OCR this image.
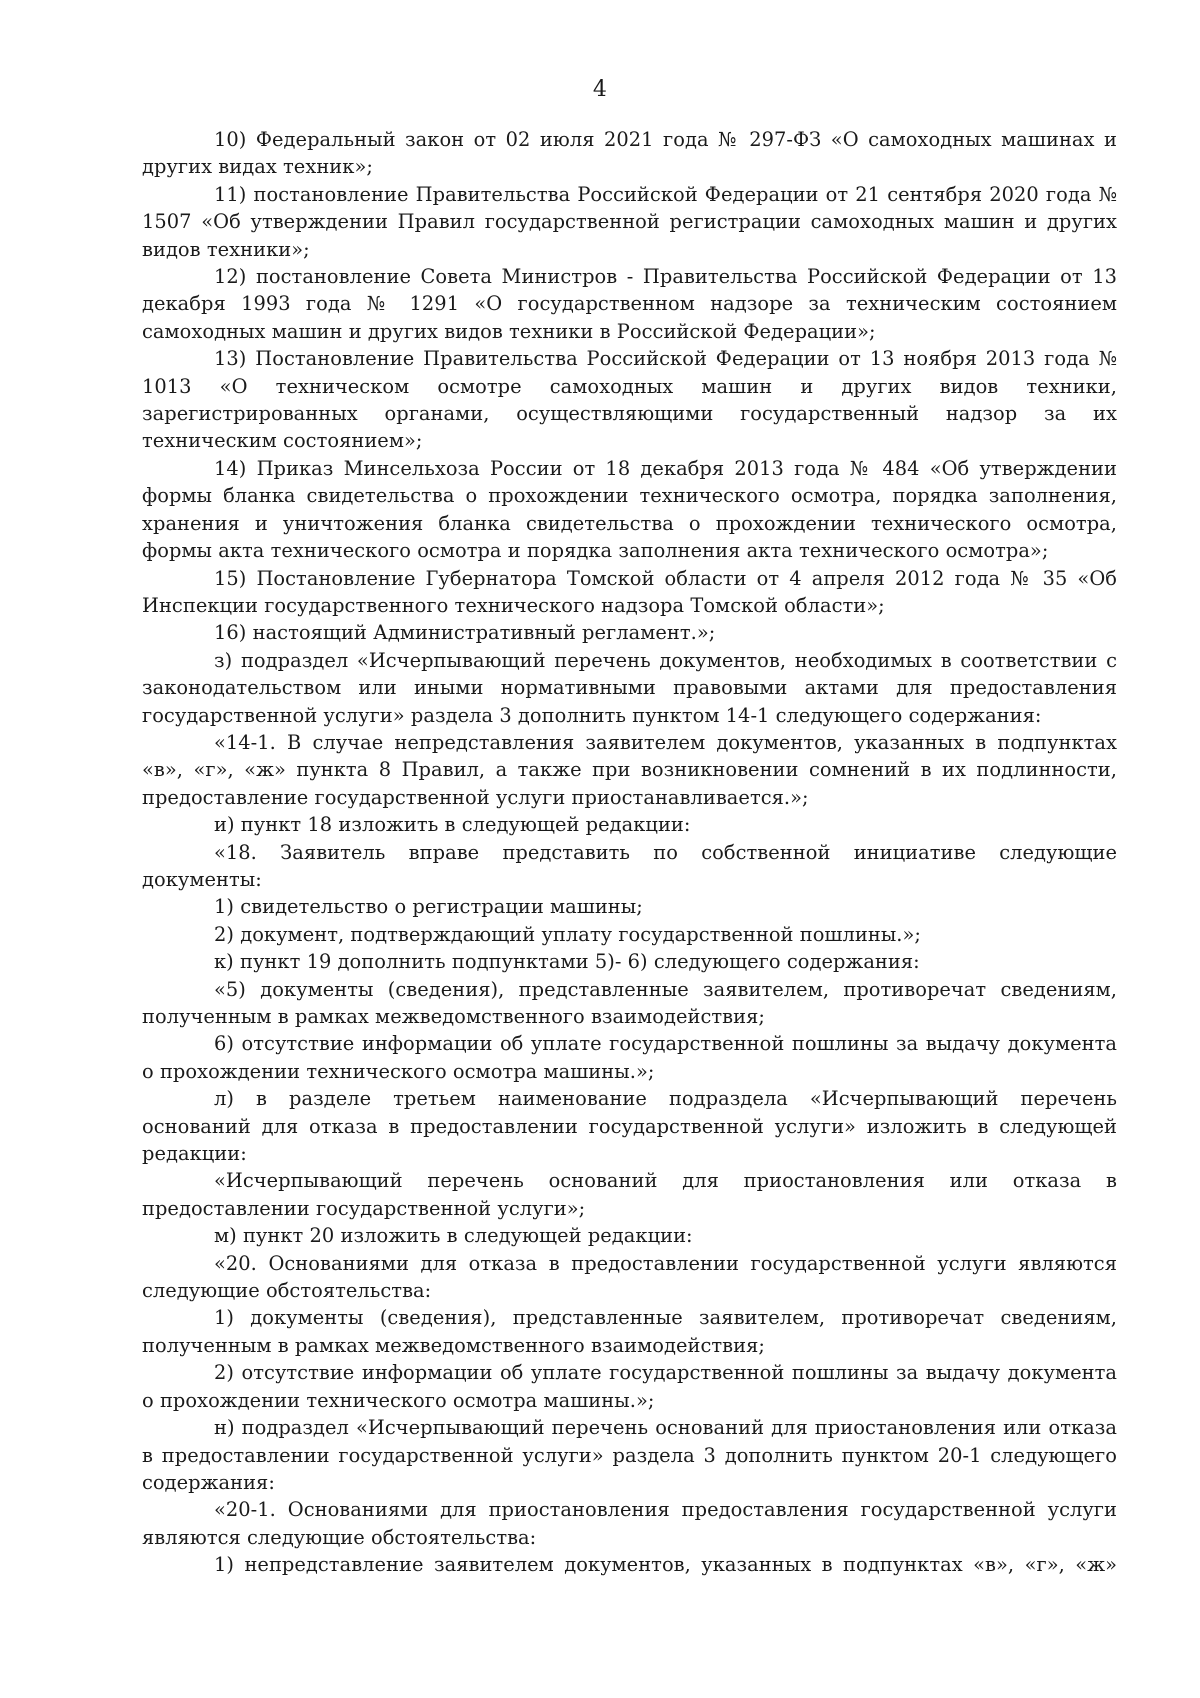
4

10) Федеральный закон от 02 июля 2021 года № 297-ФЗ «О самоходных машинах и других видах техник»;

11) постановление Правительства Российской Федерации от 21 сентября 2020 года № 1507 «Об утверждении Правил государственной регистрации самоходных машин и других видов техники»;

12) постановление Совета Министров - Правительства Российской Федерации от 13 декабря 1993 года № 1291 «О государственном надзоре за техническим состоянием самоходных машин и других видов техники в Российской Федерации»;

13) Постановление Правительства Российской Федерации от 13 ноября 2013 года № 1013 «О техническом осмотре самоходных машин и других видов техники, зарегистрированных органами, осуществляющими государственный надзор за их техническим состоянием»;

14) Приказ Минсельхоза России от 18 декабря 2013 года № 484 «Об утверждении формы бланка свидетельства о прохождении технического осмотра, порядка заполнения, хранения и уничтожения бланка свидетельства о прохождении технического осмотра, формы акта технического осмотра и порядка заполнения акта технического осмотра»;

15) Постановление Губернатора Томской области от 4 апреля 2012 года № 35 «Об Инспекции государственного технического надзора Томской области»;

16) настоящий Административный регламент.»;

з) подраздел «Исчерпывающий перечень документов, необходимых в соответствии с законодательством или иными нормативными правовыми актами для предоставления государственной услуги» раздела 3 дополнить пунктом 14-1 следующего содержания:

«14-1. В случае непредставления заявителем документов, указанных в подпунктах «в», «г», «ж» пункта 8 Правил, а также при возникновении сомнений в их подлинности, предоставление государственной услуги приостанавливается.»;

и) пункт 18 изложить в следующей редакции:

«18. Заявитель вправе представить по собственной инициативе следующие документы:

1) свидетельство о регистрации машины;

2) документ, подтверждающий уплату государственной пошлины.»;

к) пункт 19 дополнить подпунктами 5)- 6) следующего содержания:

«5) документы (сведения), представленные заявителем, противоречат сведениям, полученным в рамках межведомственного взаимодействия;

6) отсутствие информации об уплате государственной пошлины за выдачу документа о прохождении технического осмотра машины.»;

л) в разделе третьем наименование подраздела «Исчерпывающий перечень оснований для отказа в предоставлении государственной услуги» изложить в следующей редакции:

«Исчерпывающий перечень оснований для приостановления или отказа в предоставлении государственной услуги»;

м) пункт 20 изложить в следующей редакции:

«20. Основаниями для отказа в предоставлении государственной услуги являются следующие обстоятельства:

1) документы (сведения), представленные заявителем, противоречат сведениям, полученным в рамках межведомственного взаимодействия;

2) отсутствие информации об уплате государственной пошлины за выдачу документа о прохождении технического осмотра машины.»;

н) подраздел «Исчерпывающий перечень оснований для приостановления или отказа в предоставлении государственной услуги» раздела 3 дополнить пунктом 20-1 следующего содержания:

«20-1. Основаниями для приостановления предоставления государственной услуги являются следующие обстоятельства:

1) непредставление заявителем документов, указанных в подпунктах «в», «г», «ж»
